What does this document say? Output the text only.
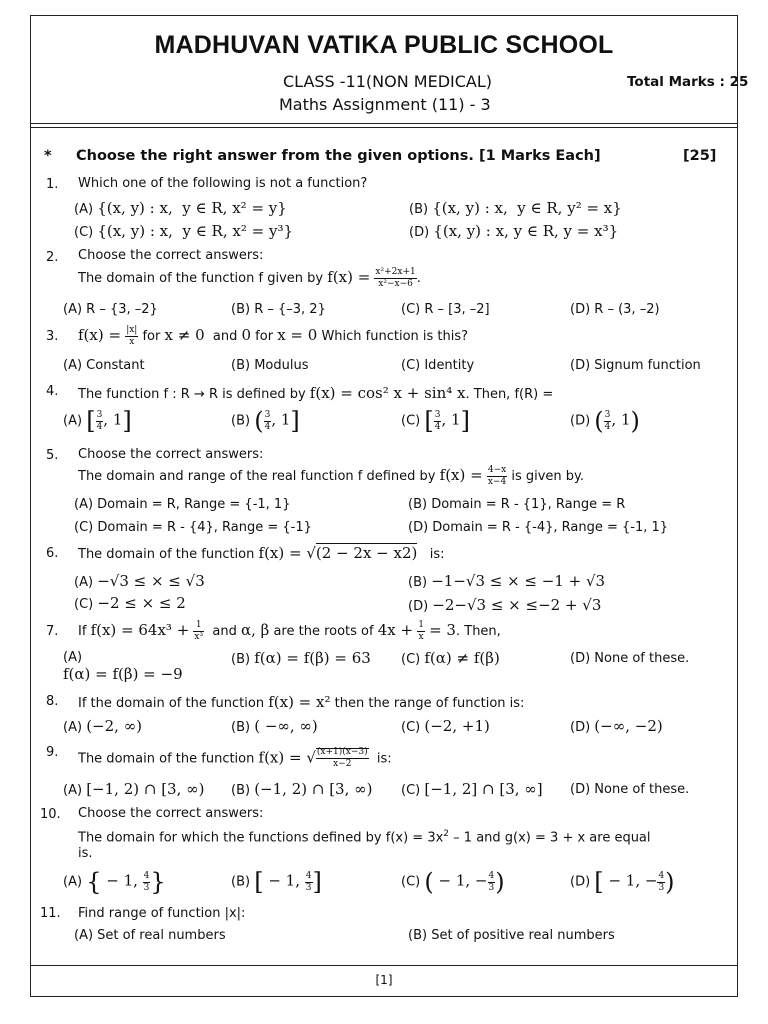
MADHUVAN VATIKA PUBLIC SCHOOL
CLASS -11(NON MEDICAL)
Maths Assignment (11) - 3
Total Marks : 25
* Choose the right answer from the given options. [1 Marks Each]	[25]
1. Which one of the following is not a function?
(A) {(x, y) : x,  y ∈ R, x² = y}	(B) {(x, y) : x,  y ∈ R, y² = x}
(C) {(x, y) : x,  y ∈ R, x² = y³}	(D) {(x, y) : x, y ∈ R, y = x³}
2. Choose the correct answers:
The domain of the function f given by $f(x) = \frac{\text{x²+2x+1}}{\text{x²−x−6}}$ .
(A) R – {3, –2}	(B) R – {–3, 2}	(C) R – [3, –2]	(D) R – (3, –2)
3. $f(x) = \frac{|x|}{x}$ for x ≠ 0 and 0 for x = 0 Which function is this?
(A) Constant	(B) Modulus	(C) Identity	(D) Signum function
4. The function f : R → R is defined by f(x) = cos² x + sin⁴ x. Then, f(R) =
(A) [ $\frac{3}{4}$ , 1]	(B) ( $\frac{3}{4}$ , 1]	(C) [ $\frac{3}{4}$ , 1]	(D) ( $\frac{3}{4}$ , 1)
5. Choose the correct answers:
The domain and range of the real function f defined by $f(x) = \frac{4-x}{x-4}$ is given by.
(A) Domain = R, Range = {-1, 1}	(B) Domain = R - {1}, Range = R
(C) Domain = R - {4}, Range = {-1}	(D) Domain = R - {-4}, Range = {-1, 1}
6. The domain of the function f(x) = √(2 − 2x − x2) is:
(A) −√3 ≤ × ≤ √3	(B) −1−√3 ≤ × ≤ −1 + √3
(C) −2 ≤ × ≤ 2	(D) −2−√3 ≤ × ≤−2 + √3
7. If $f(x) = 64x^3 + \frac{1}{\text{x³}}$ and α, β are the roots of $4x + \frac{1}{x} = 3$. Then,
(A)
f(α) = f(β) = −9
(B) f(α) = f(β) = 63 (C) f(α) ≠ f(β)	(D) None of these.
8. If the domain of the function f(x) = x² then the range of function is:
(A) (−2, ∞)	(B) ( −∞, ∞)	(C) (−2, +1)	(D) (−∞, −2)
9. The domain of the function f(x) = √ $\frac{(x+1)(x-3)}{x-2}$ is:
(A) [−1, 2) ∩ [3, ∞) (B) (−1, 2) ∩ [3, ∞) (C) [−1, 2] ∩ [3, ∞] (D) None of these.
10. Choose the correct answers:
The domain for which the functions defined by $f(x) = 3x^2 - 1$ and g(x) = 3 + x are equal
is.
(A) { − 1, $\frac{4}{3}$ }	(B) [ − 1, $\frac{4}{3}$ ]	(C) ( − 1, − $\frac{4}{3}$ )	(D) [ − 1, − $\frac{4}{3}$ )
11. Find range of function |x|:
(A) Set of real numbers	(B) Set of positive real numbers
[1]
